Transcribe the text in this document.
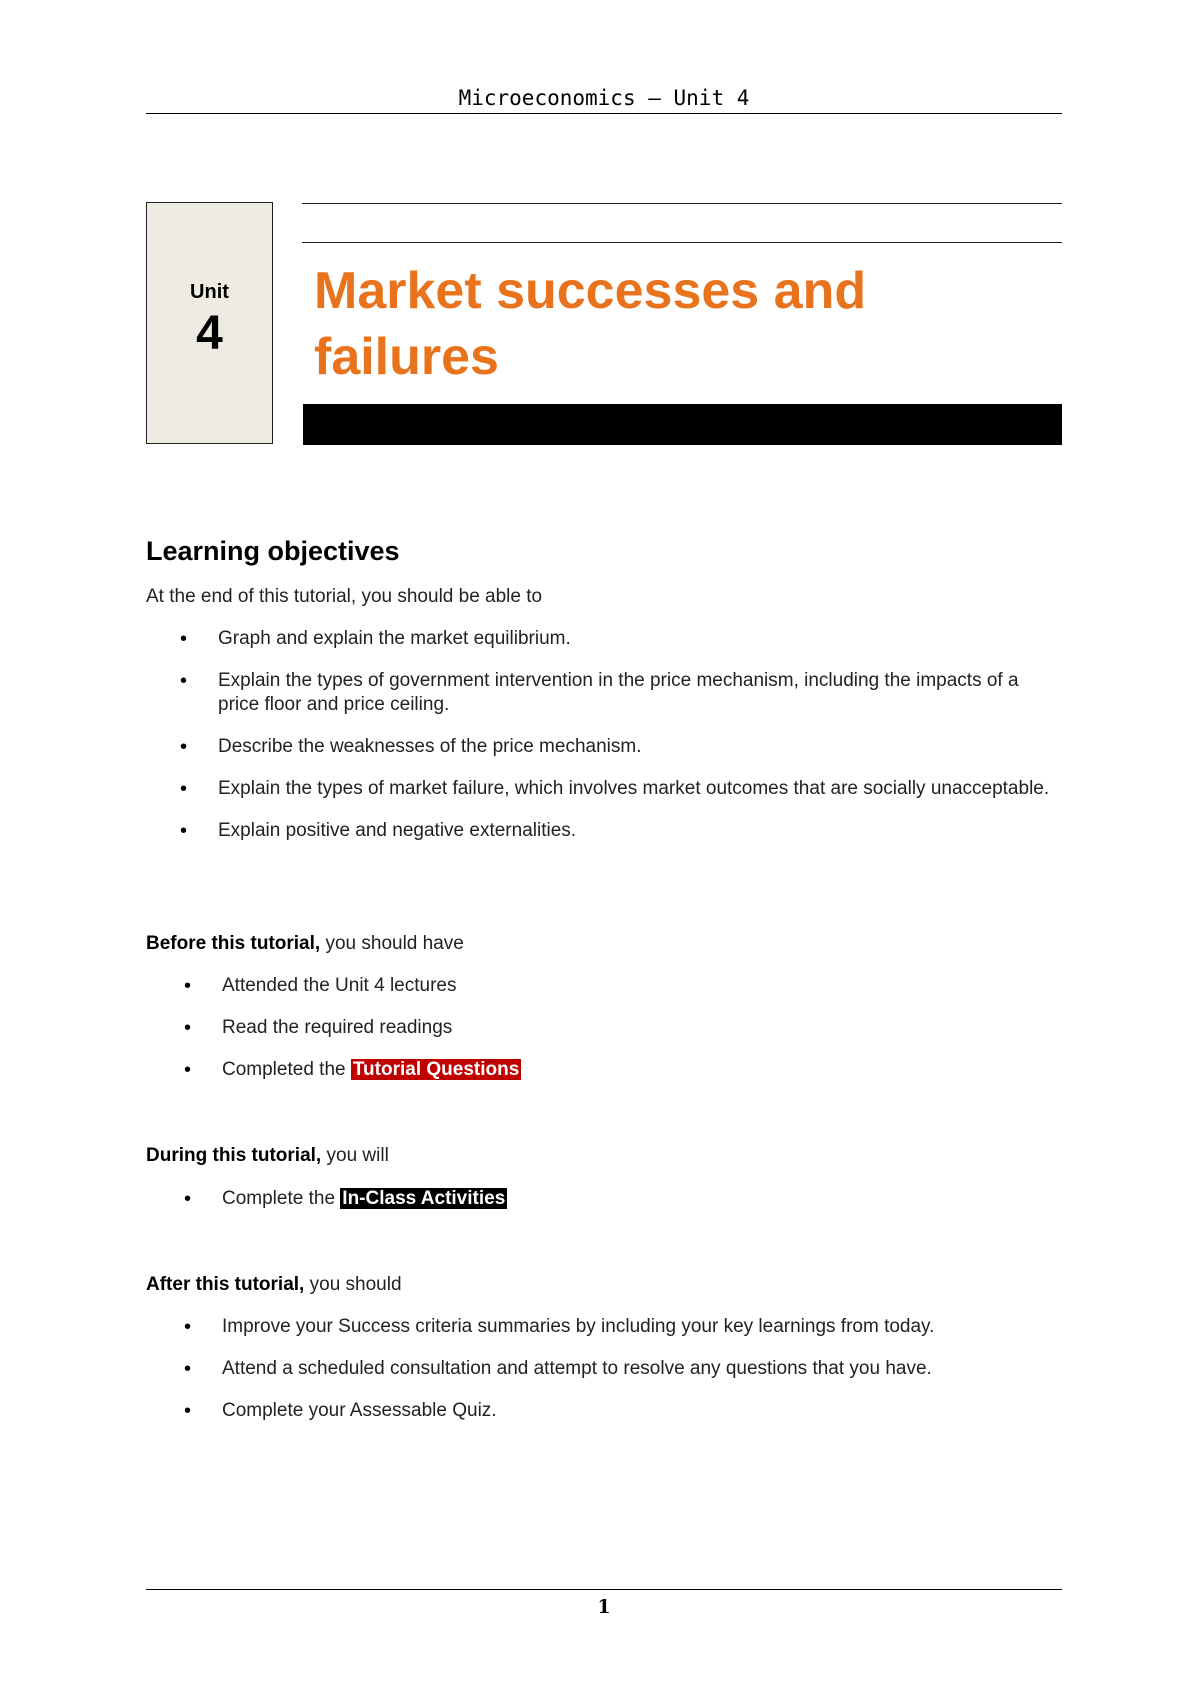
Microeconomics – Unit 4
Unit
4
Market successes and
failures
Learning objectives
At the end of this tutorial, you should be able to
• Graph and explain the market equilibrium.
• Explain the types of government intervention in the price mechanism, including the impacts of a price floor and price ceiling.
• Describe the weaknesses of the price mechanism.
• Explain the types of market failure, which involves market outcomes that are socially unacceptable.
• Explain positive and negative externalities.
Before this tutorial, you should have
• Attended the Unit 4 lectures
• Read the required readings
• Completed the Tutorial Questions
During this tutorial, you will
• Complete the In-Class Activities
After this tutorial, you should
• Improve your Success criteria summaries by including your key learnings from today.
• Attend a scheduled consultation and attempt to resolve any questions that you have.
• Complete your Assessable Quiz.
1
